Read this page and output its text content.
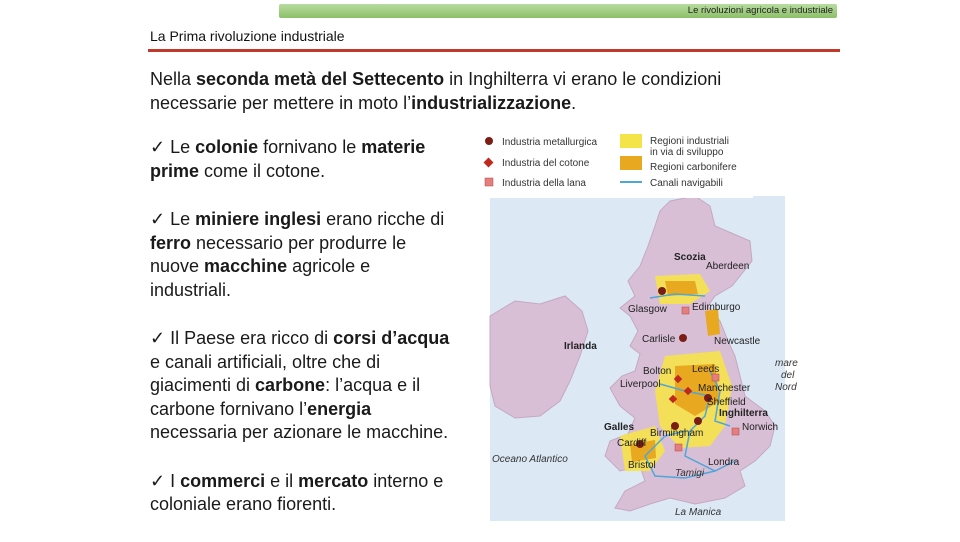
Le rivoluzioni agricola e industriale
La Prima rivoluzione industriale
Nella seconda metà del Settecento in Inghilterra vi erano le condizioni necessarie per mettere in moto l’industrializzazione.
✓ Le colonie fornivano le materie prime come il cotone.
✓ Le miniere inglesi erano ricche di ferro necessario per produrre le nuove macchine agricole e industriali.
✓ Il Paese era ricco di corsi d’acqua e canali artificiali, oltre che di giacimenti di carbone: l’acqua e il carbone fornivano l’energia necessaria per azionare le macchine.
✓ I commerci e il mercato interno e coloniale erano fiorenti.
Scozia
Aberdeen
Edimburgo
Glasgow
Carlisle	Newcastle
Irlanda
mare
del
Nord
Bolton Leeds
Liverpool	Manchester
Sheffield
Inghilterra
Galles
Birmingham
Norwich
Cardiff
Oceano Atlantico
Bristol	Londra
Tamigi
La Manica
Industria metallurgica
Industria del cotone
Industria della lana
Regioni industriali
in via di sviluppo
Regioni carbonifere
Canali navigabili
